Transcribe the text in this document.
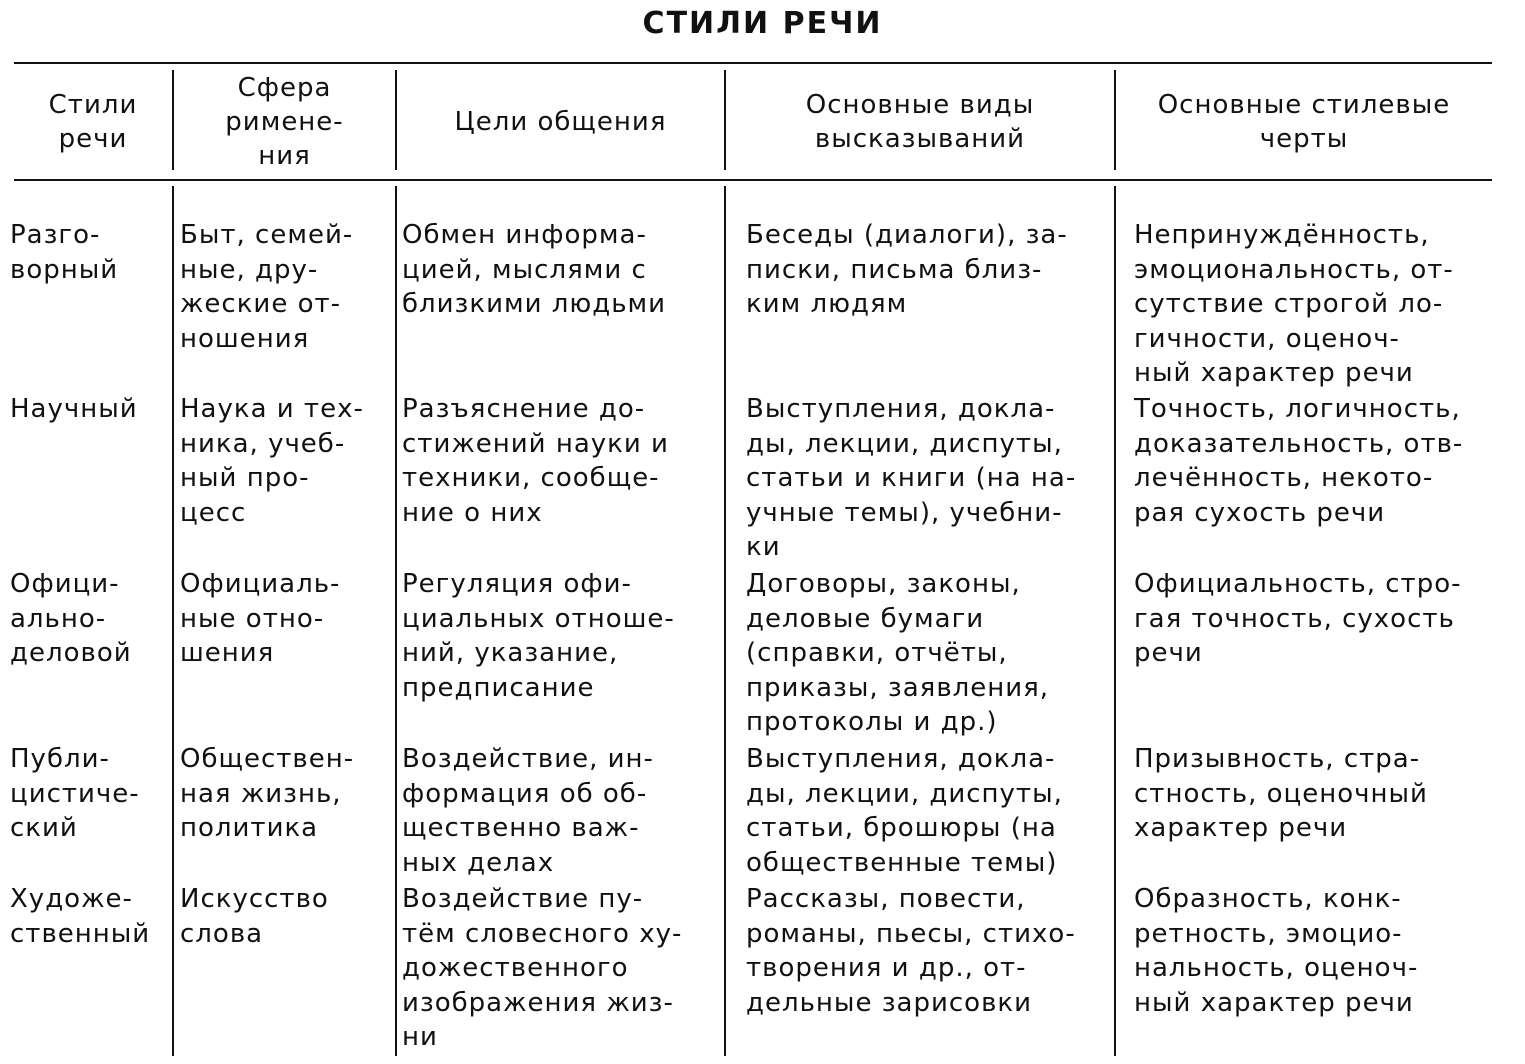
СТИЛИ РЕЧИ
Стили
речи
Сфера
римене-
ния
Цели общения
Основные виды
высказываний
Основные стилевые
черты
Разго-
ворный
Быт, семей-
ные, дру-
жеские от-
ношения
Обмен информа-
цией, мыслями с
близкими людьми
Беседы (диалоги), за-
писки, письма близ-
ким людям
Непринуждённость,
эмоциональность, от-
сутствие строгой ло-
гичности, оценоч-
ный характер речи
Научный	Наука и тех-
ника, учеб-
ный про-
цесс
Разъяснение до-
стижений науки и
техники, сообще-
ние о них
Выступления, докла-
ды, лекции, диспуты,
статьи и книги (на на-
учные темы), учебни-
ки
Точность, логичность,
доказательность, отв-
лечённость, некото-
рая сухость речи
Офици-
ально-
деловой
Официаль-
ные отно-
шения
Регуляция офи-
циальных отноше-
ний, указание,
предписание
Договоры, законы,
деловые бумаги
(справки, отчёты,
приказы, заявления,
протоколы и др.)
Официальность, стро-
гая точность, сухость
речи
Публи-
цистиче-
ский
Обществен-
ная жизнь,
политика
Воздействие, ин-
формация об об-
щественно важ-
ных делах
Выступления, докла-
ды, лекции, диспуты,
статьи, брошюры (на
общественные темы)
Призывность, стра-
стность, оценочный
характер речи
Художе-
ственный
Искусство
слова
Воздействие пу-
тём словесного ху-
дожественного
изображения жиз-
ни
Рассказы, повести,
романы, пьесы, стихо-
творения и др., от-
дельные зарисовки
Образность, конк-
ретность, эмоцио-
нальность, оценоч-
ный характер речи
